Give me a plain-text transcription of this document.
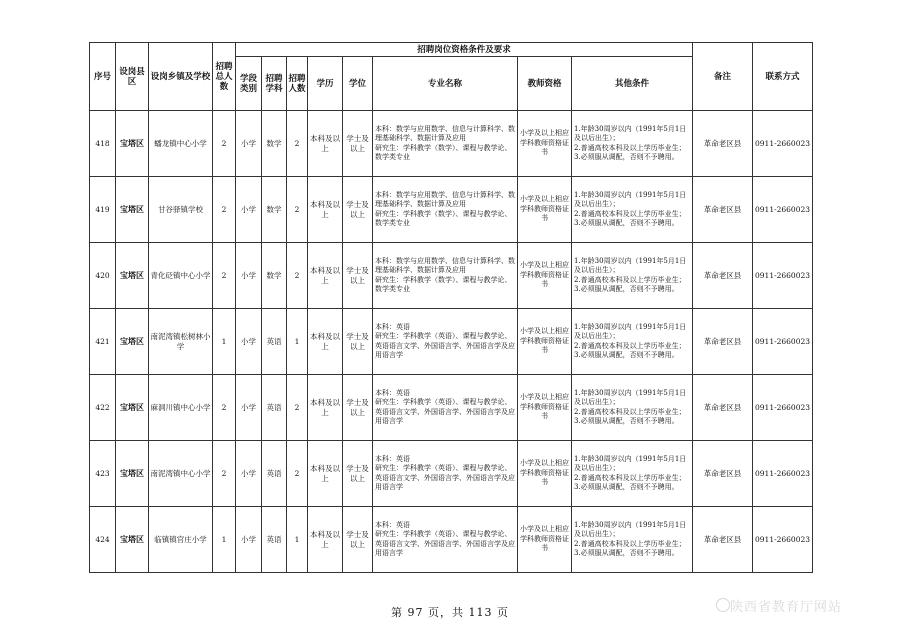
序号	设岗县区	设岗乡镇及学校	招聘总人数	招聘岗位资格条件及要求								备注	联系方式
				学段类别	招聘学科	招聘人数	学历	学位	专业名称	教师资格	其他条件		
418	宝塔区	蟠龙镇中心小学	2	小学	数学	2	本科及以上	学士及以上	本科：数学与应用数学、信息与计算科学、数理基础科学、数据计算及应用
研究生：学科教学（数学）、课程与教学论、数学类专业	小学及以上相应学科教师资格证书	1.年龄30周岁以内（1991年5月1日及以后出生）；
2.普通高校本科及以上学历毕业生；
3.必须服从调配，否则不予聘用。	革命老区县	0911-2660023
419	宝塔区	甘谷驿镇学校	2	小学	数学	2	本科及以上	学士及以上	本科：数学与应用数学、信息与计算科学、数理基础科学、数据计算及应用
研究生：学科教学（数学）、课程与教学论、数学类专业	小学及以上相应学科教师资格证书	1.年龄30周岁以内（1991年5月1日及以后出生）；
2.普通高校本科及以上学历毕业生；
3.必须服从调配，否则不予聘用。	革命老区县	0911-2660023
420	宝塔区	青化砭镇中心小学	2	小学	数学	2	本科及以上	学士及以上	本科：数学与应用数学、信息与计算科学、数理基础科学、数据计算及应用
研究生：学科教学（数学）、课程与教学论、数学类专业	小学及以上相应学科教师资格证书	1.年龄30周岁以内（1991年5月1日及以后出生）；
2.普通高校本科及以上学历毕业生；
3.必须服从调配，否则不予聘用。	革命老区县	0911-2660023
421	宝塔区	南泥湾镇松树林小学	1	小学	英语	1	本科及以上	学士及以上	本科：英语
研究生：学科教学（英语）、课程与教学论、英语语言文学、外国语言学、外国语言学及应用语言学	小学及以上相应学科教师资格证书	1.年龄30周岁以内（1991年5月1日及以后出生）；
2.普通高校本科及以上学历毕业生；
3.必须服从调配，否则不予聘用。	革命老区县	0911-2660023
422	宝塔区	麻洞川镇中心小学	2	小学	英语	2	本科及以上	学士及以上	本科：英语
研究生：学科教学（英语）、课程与教学论、英语语言文学、外国语言学、外国语言学及应用语言学	小学及以上相应学科教师资格证书	1.年龄30周岁以内（1991年5月1日及以后出生）；
2.普通高校本科及以上学历毕业生；
3.必须服从调配，否则不予聘用。	革命老区县	0911-2660023
423	宝塔区	南泥湾镇中心小学	2	小学	英语	2	本科及以上	学士及以上	本科：英语
研究生：学科教学（英语）、课程与教学论、英语语言文学、外国语言学、外国语言学及应用语言学	小学及以上相应学科教师资格证书	1.年龄30周岁以内（1991年5月1日及以后出生）；
2.普通高校本科及以上学历毕业生；
3.必须服从调配，否则不予聘用。	革命老区县	0911-2660023
424	宝塔区	临镇镇官庄小学	1	小学	英语	1	本科及以上	学士及以上	本科：英语
研究生：学科教学（英语）、课程与教学论、英语语言文学、外国语言学、外国语言学及应用语言学	小学及以上相应学科教师资格证书	1.年龄30周岁以内（1991年5月1日及以后出生）；
2.普通高校本科及以上学历毕业生；
3.必须服从调配，否则不予聘用。	革命老区县	0911-2660023
第 97 页，共 113 页	陕西省教育厅网站
